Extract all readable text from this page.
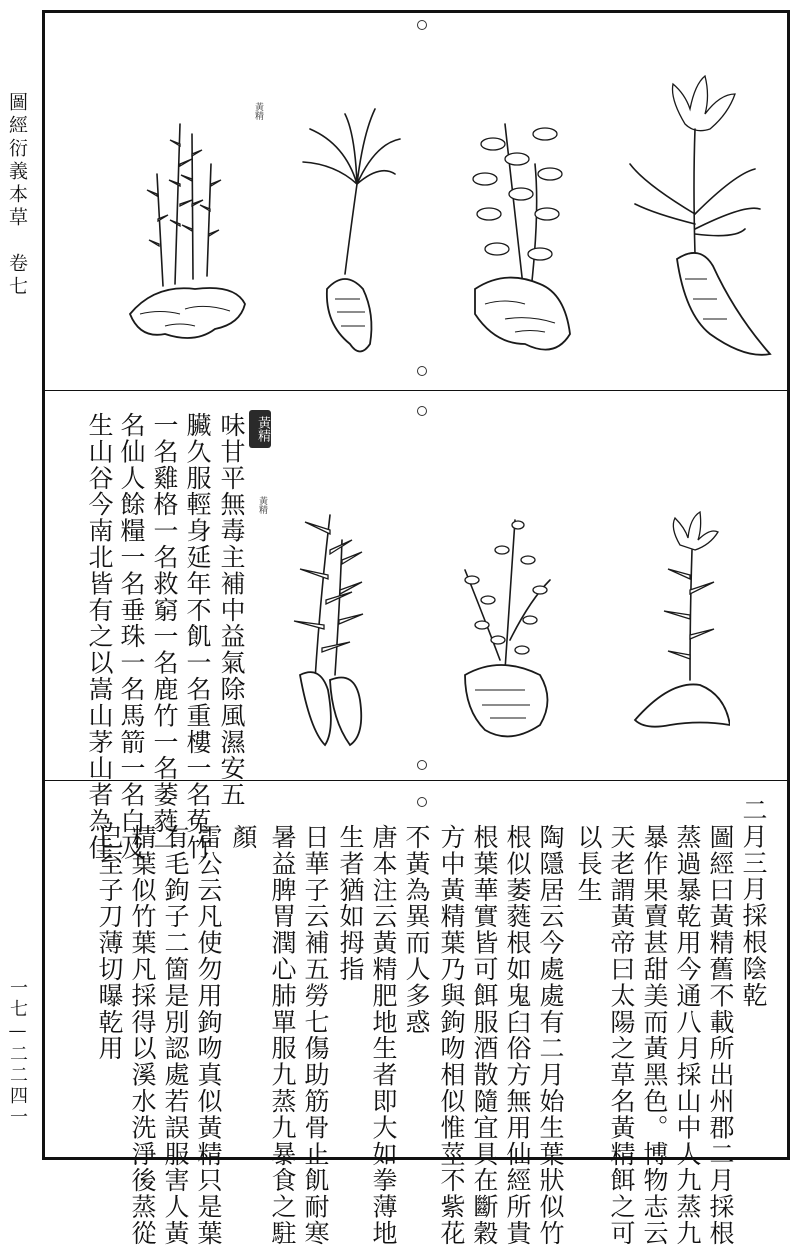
圖經衍義本草　卷七
一七—二二四一
黃精
黃精
黃精
味甘平無毒主補中益氣除風濕安五
臟久服輕身延年不飢一名重樓一名菟竹
一名雞格一名救窮一名鹿竹一名萎蕤一
名仙人餘糧一名垂珠一名馬箭一名白及
生山谷今南北皆有之以嵩山茅山者為佳
二月三月採根陰乾
圖經曰黃精舊不載所出州郡二月採根
蒸過暴乾用今通八月採山中人九蒸九
暴作果賣甚甜美而黃黑色。博物志云
天老謂黃帝曰太陽之草名黃精餌之可
以長生
陶隱居云今處處有二月始生葉狀似竹
根似萎蕤根如鬼臼俗方無用仙經所貴
根葉華實皆可餌服酒散隨宜具在斷穀
方中黃精葉乃與鉤吻相似惟莖不紫花
不黃為異而人多惑
唐本注云黃精肥地生者即大如拳薄地
生者猶如拇指
日華子云補五勞七傷助筋骨止飢耐寒
暑益脾胃潤心肺單服九蒸九暴食之駐
顏
雷公云凡使勿用鉤吻真似黃精只是葉
有毛鉤子二箇是別認處若誤服害人黃
精葉似竹葉凡採得以溪水洗淨後蒸從
巳至子刀薄切曝乾用
